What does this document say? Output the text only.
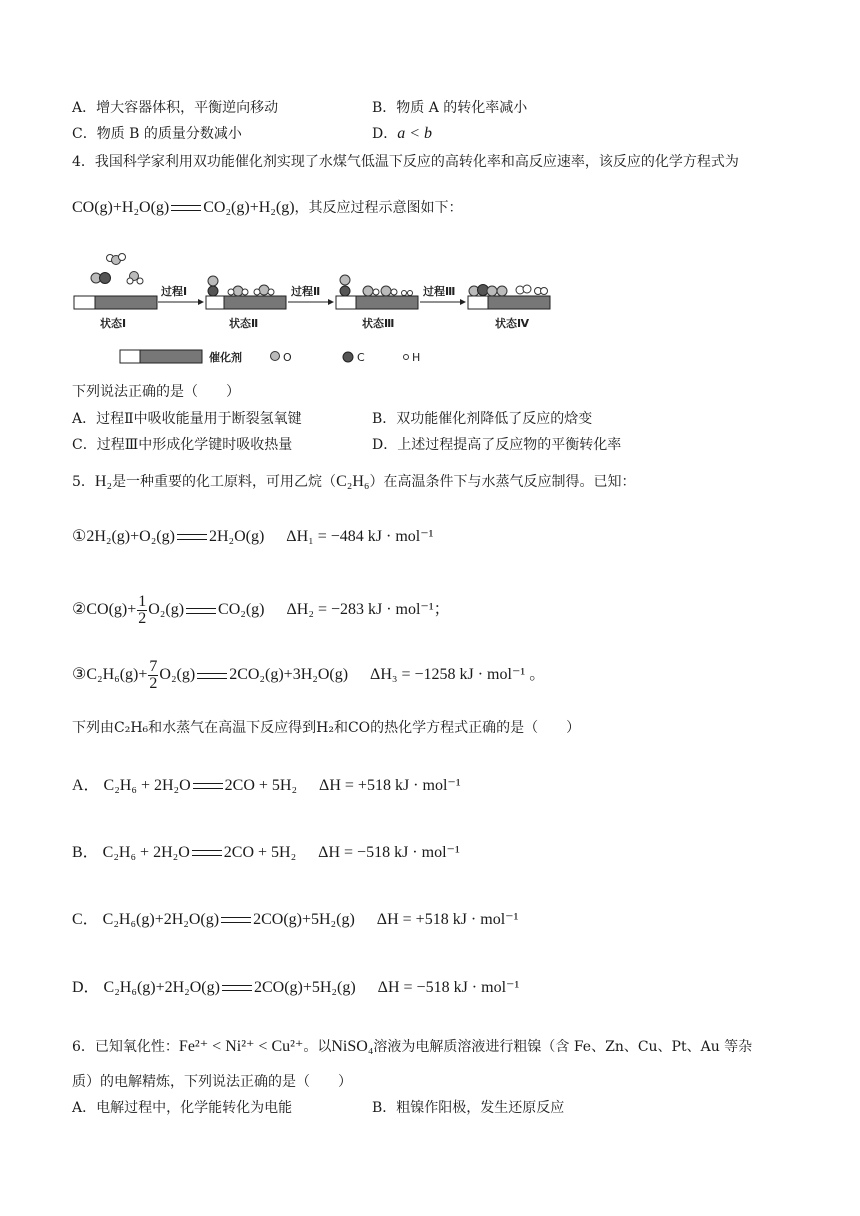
A．增大容器体积，平衡逆向移动	B．物质 A 的转化率减小
C．物质 B 的质量分数减小	D．a < b
4．我国科学家利用双功能催化剂实现了水煤气低温下反应的高转化率和高反应速率，该反应的化学方程式为
CO(g)+H₂O(g) CO₂(g)+H₂(g)，其反应过程示意图如下：
状态Ⅰ
过程Ⅰ
状态Ⅱ
过程Ⅱ
状态Ⅲ
过程Ⅲ
状态Ⅳ
催化剂	O	C	H
下列说法正确的是（　　）
A．过程Ⅱ中吸收能量用于断裂氢氧键	B．双功能催化剂降低了反应的焓变
C．过程Ⅲ中形成化学键时吸收热量	D．上述过程提高了反应物的平衡转化率
5．H₂是一种重要的化工原料，可用乙烷（C₂H₆）在高温条件下与水蒸气反应制得。已知：
①2H₂(g)+O₂(g) 2H₂O(g) ΔH₁ = −484 kJ · mol⁻¹
②CO(g)+ $\frac{1}{2} O_2(g)$ CO₂(g) ΔH₂ = −283 kJ · mol⁻¹；
③C₂H₆(g)+ $\frac{7}{2} O_2(g)$ 2CO₂(g)+3H₂O(g) ΔH₃ = −1258 kJ · mol⁻¹ 。
下列由C₂H₆和水蒸气在高温下反应得到H₂和CO的热化学方程式正确的是（　　）
A． C₂H₆ + 2H₂O 2CO + 5H₂ ΔH = +518 kJ · mol⁻¹
B． C₂H₆ + 2H₂O 2CO + 5H₂ ΔH = −518 kJ · mol⁻¹
C． C₂H₆(g)+2H₂O(g) 2CO(g)+5H₂(g) ΔH = +518 kJ · mol⁻¹
D． C₂H₆(g)+2H₂O(g) 2CO(g)+5H₂(g) ΔH = −518 kJ · mol⁻¹
6．已知氧化性：Fe²⁺ < Ni²⁺ < Cu²⁺。以NiSO₄溶液为电解质溶液进行粗镍（含 Fe、Zn、Cu、Pt、Au 等杂
质）的电解精炼，下列说法正确的是（　　）
A．电解过程中，化学能转化为电能	B．粗镍作阳极，发生还原反应
